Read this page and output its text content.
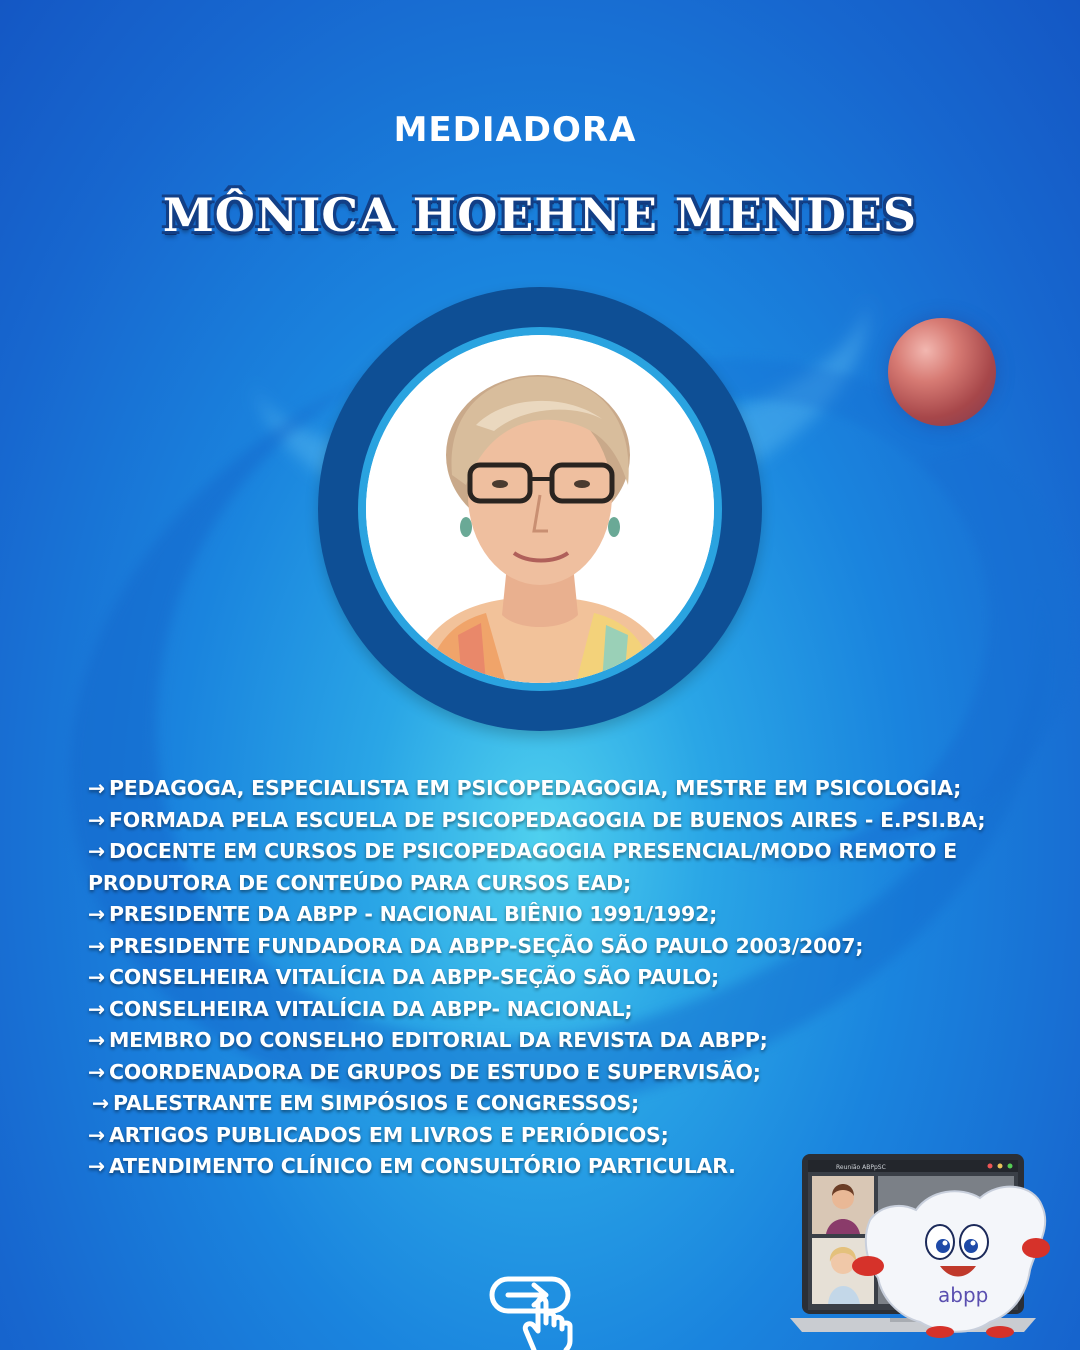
MEDIADORA
MÔNICA HOEHNE MENDES
→ PEDAGOGA, ESPECIALISTA EM PSICOPEDAGOGIA, MESTRE EM PSICOLOGIA;
→ FORMADA PELA ESCUELA DE PSICOPEDAGOGIA DE BUENOS AIRES - E.PSI.BA;
→ DOCENTE EM CURSOS DE PSICOPEDAGOGIA PRESENCIAL/MODO REMOTO E
PRODUTORA DE CONTEÚDO PARA CURSOS EAD;
→ PRESIDENTE DA ABPP - NACIONAL BIÊNIO 1991/1992;
→ PRESIDENTE FUNDADORA DA ABPP-SEÇÃO SÃO PAULO 2003/2007;
→ CONSELHEIRA VITALÍCIA DA ABPP-SEÇÃO SÃO PAULO;
→ CONSELHEIRA VITALÍCIA DA ABPP- NACIONAL;
→ MEMBRO DO CONSELHO EDITORIAL DA REVISTA DA ABPP;
→ COORDENADORA DE GRUPOS DE ESTUDO E SUPERVISÃO;
→ PALESTRANTE EM SIMPÓSIOS E CONGRESSOS;
→ ARTIGOS PUBLICADOS EM LIVROS E PERIÓDICOS;
→ ATENDIMENTO CLÍNICO EM CONSULTÓRIO PARTICULAR.	Reunião ABPpSC
abpp
